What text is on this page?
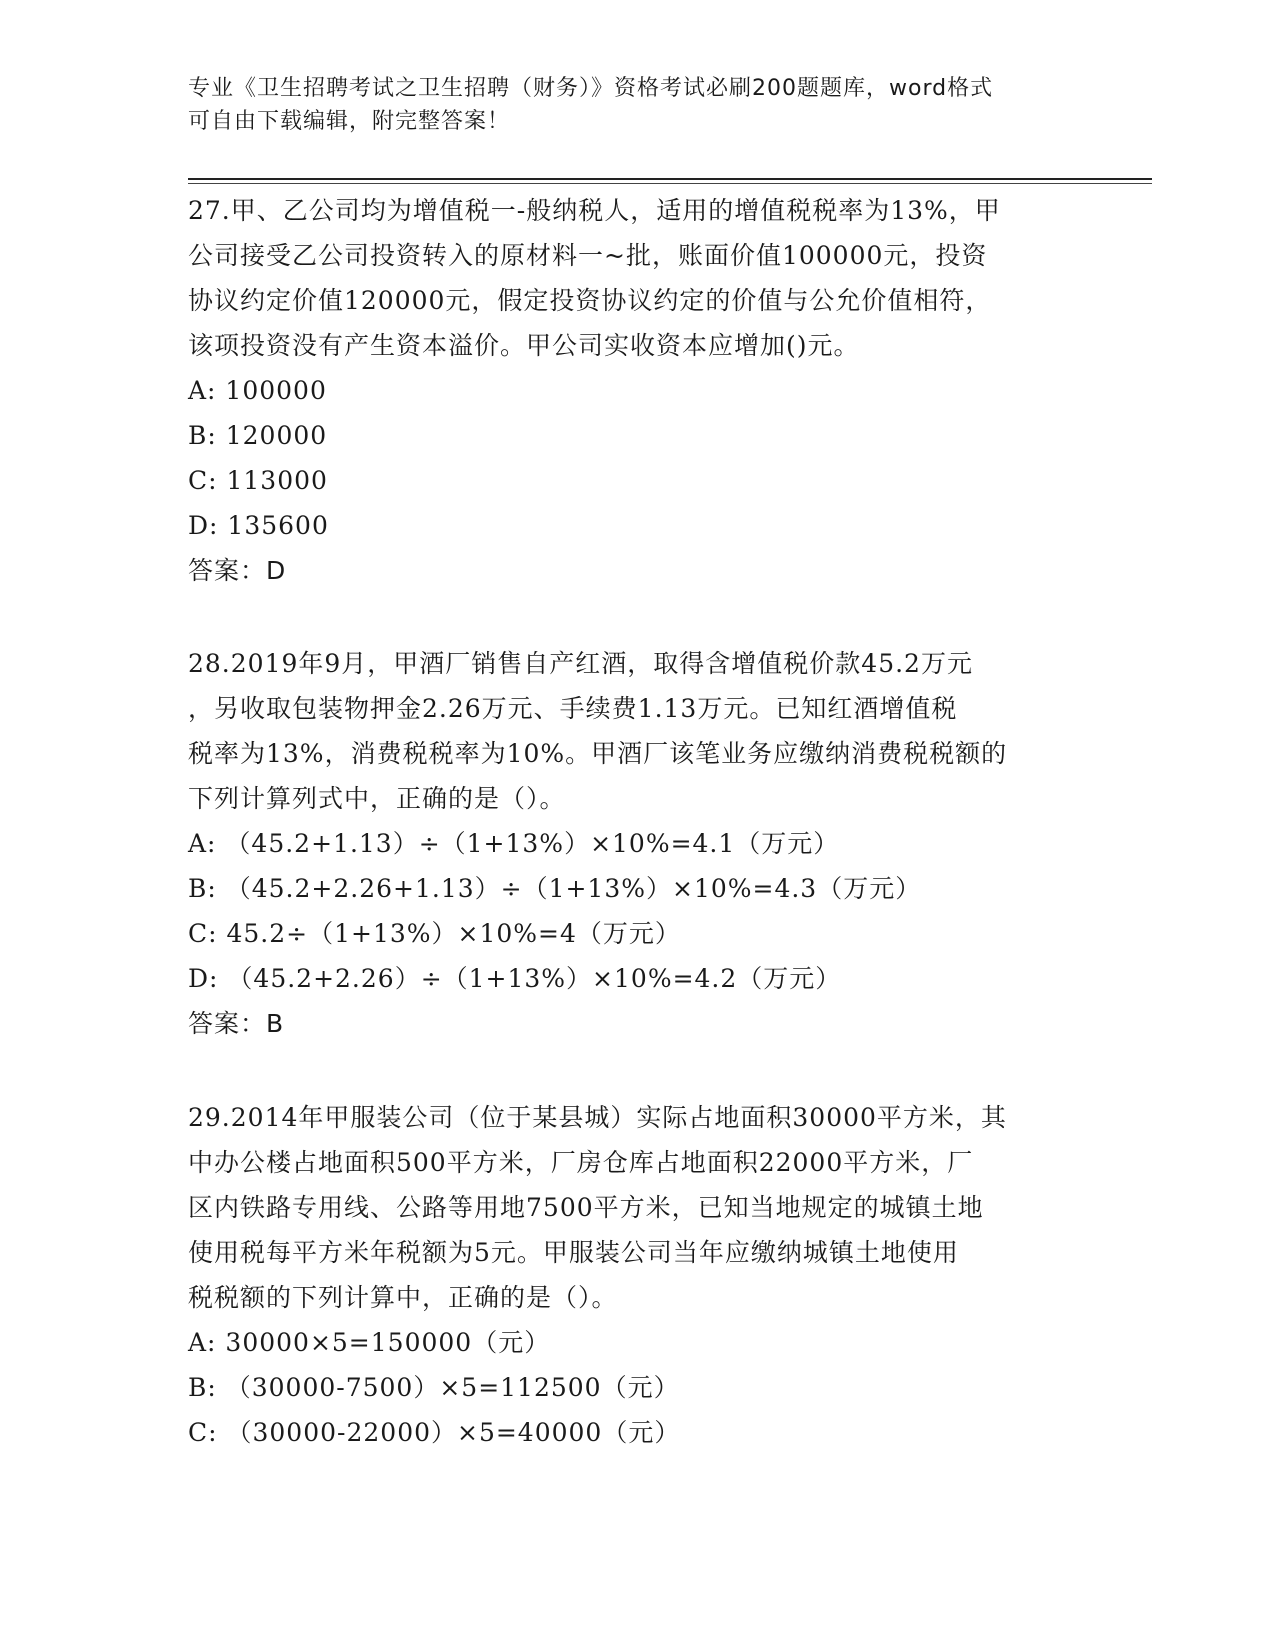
专业《卫生招聘考试之卫生招聘（财务）》资格考试必刷200题题库，word格式
可自由下载编辑，附完整答案！

27.甲、乙公司均为增值税一-般纳税人，适用的增值税税率为13%，甲

公司接受乙公司投资转入的原材料一~批，账面价值100000元，投资

协议约定价值120000元，假定投资协议约定的价值与公允价值相符，

该项投资没有产生资本溢价。甲公司实收资本应增加()元。

A: 100000

B: 120000

C: 113000

D: 135600

答案：D

28.2019年9月，甲酒厂销售自产红酒，取得含增值税价款45.2万元

，另收取包装物押金2.26万元、手续费1.13万元。已知红酒增值税

税率为13%，消费税税率为10%。甲酒厂该笔业务应缴纳消费税税额的

下列计算列式中，正确的是（）。

A: （45.2+1.13）÷（1+13%）×10%=4.1（万元）

B: （45.2+2.26+1.13）÷（1+13%）×10%=4.3（万元）

C: 45.2÷（1+13%）×10%=4（万元）

D: （45.2+2.26）÷（1+13%）×10%=4.2（万元）

答案：B

29.2014年甲服装公司（位于某县城）实际占地面积30000平方米，其

中办公楼占地面积500平方米，厂房仓库占地面积22000平方米，厂

区内铁路专用线、公路等用地7500平方米，已知当地规定的城镇土地

使用税每平方米年税额为5元。甲服装公司当年应缴纳城镇土地使用

税税额的下列计算中，正确的是（）。

A: 30000×5=150000（元）

B: （30000-7500）×5=112500（元）

C: （30000-22000）×5=40000（元）
